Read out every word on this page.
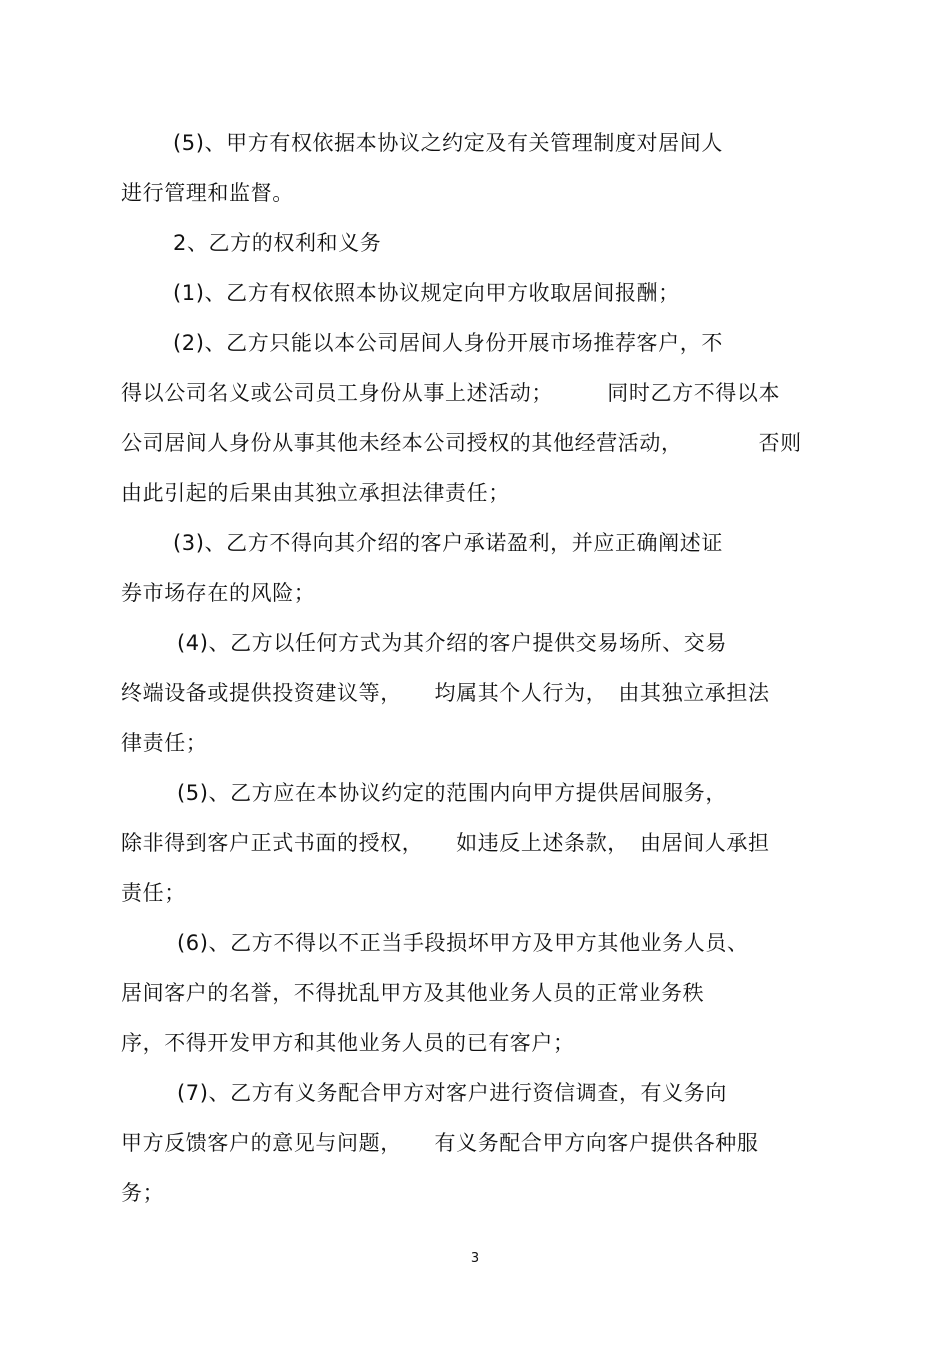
(5)、甲方有权依据本协议之约定及有关管理制度对居间人
进行管理和监督。
2、乙方的权利和义务
(1)、乙方有权依照本协议规定向甲方收取居间报酬；
(2)、乙方只能以本公司居间人身份开展市场推荐客户，不
得以公司名义或公司员工身份从事上述活动；　　　同时乙方不得以本
公司居间人身份从事其他未经本公司授权的其他经营活动，　　　　否则
由此引起的后果由其独立承担法律责任；
(3)、乙方不得向其介绍的客户承诺盈利，并应正确阐述证
券市场存在的风险；
(4)、乙方以任何方式为其介绍的客户提供交易场所、交易
终端设备或提供投资建议等，　　均属其个人行为，　由其独立承担法
律责任；
(5)、乙方应在本协议约定的范围内向甲方提供居间服务，
除非得到客户正式书面的授权，　　如违反上述条款，　由居间人承担
责任；
(6)、乙方不得以不正当手段损坏甲方及甲方其他业务人员、
居间客户的名誉，不得扰乱甲方及其他业务人员的正常业务秩
序，不得开发甲方和其他业务人员的已有客户；
(7)、乙方有义务配合甲方对客户进行资信调查，有义务向
甲方反馈客户的意见与问题，　　有义务配合甲方向客户提供各种服
务；
3
